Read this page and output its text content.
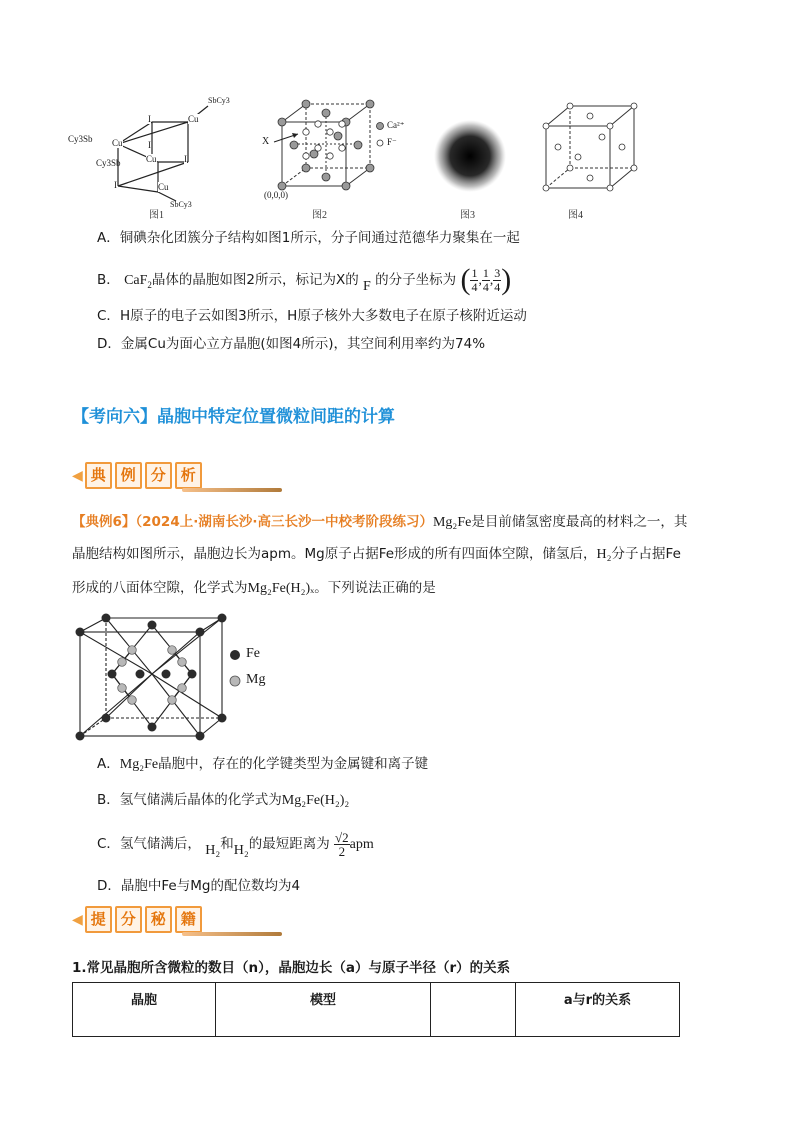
SbCy3
Cy3Sb
Cy3Sb
SbCy3
Cu
Cu
Cu
Cu
I
I
I
I
图1
X
(0,0,0)
Ca²⁺
F⁻
图2	图3	图4
A．铜碘杂化团簇分子结构如图1所示，分子间通过范德华力聚集在一起
B． CaF$_2$晶体的晶胞如图2所示，标记为X的 F 的分子坐标为 ( $\frac{1}{4}$ , $\frac{1}{4}$ , $\frac{3}{4}$ )
C．H原子的电子云如图3所示，H原子核外大多数电子在原子核附近运动
D．金属Cu为面心立方晶胞(如图4所示)，其空间利用率约为74%
【考向六】晶胞中特定位置微粒间距的计算
◀ 典 例 分 析
【典例6】（2024上·湖南长沙·高三长沙一中校考阶段练习）Mg₂Fe是目前储氢密度最高的材料之一，其
晶胞结构如图所示，晶胞边长为apm。Mg原子占据Fe形成的所有四面体空隙，储氢后，H₂分子占据Fe
形成的八面体空隙，化学式为Mg₂Fe(H₂)ₓ。下列说法正确的是
Fe
Mg
A．Mg₂Fe晶胞中，存在的化学键类型为金属键和离子键
B．氢气储满后晶体的化学式为Mg₂Fe(H₂)₂
C．氢气储满后， H₂和H₂的最短距离为 $\frac{√2}{2}$ apm
D．晶胞中Fe与Mg的配位数均为4
◀ 提 分 秘 籍
1.常见晶胞所含微粒的数目（n），晶胞边长（a）与原子半径（r）的关系
晶胞	模型		a与r的关系
